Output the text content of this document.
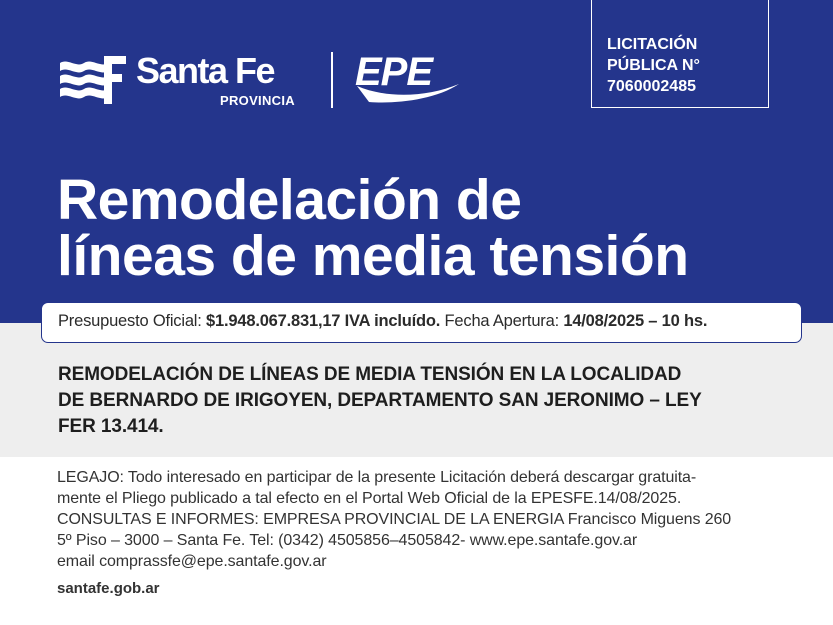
Santa Fe
PROVINCIA
EPE
LICITACIÓN
PÚBLICA N°
7060002485
Remodelación de
líneas de media tensión
Presupuesto Oficial: $1.948.067.831,17 IVA incluído. Fecha Apertura: 14/08/2025 – 10 hs.
REMODELACIÓN DE LÍNEAS DE MEDIA TENSIÓN EN LA LOCALIDAD
DE BERNARDO DE IRIGOYEN, DEPARTAMENTO SAN JERONIMO – LEY
FER 13.414.
LEGAJO: Todo interesado en participar de la presente Licitación deberá descargar gratuita-
mente el Pliego publicado a tal efecto en el Portal Web Oficial de la EPESFE.14/08/2025.
CONSULTAS E INFORMES: EMPRESA PROVINCIAL DE LA ENERGIA Francisco Miguens 260
5º Piso – 3000 – Santa Fe. Tel: (0342) 4505856–4505842- www.epe.santafe.gov.ar
email comprassfe@epe.santafe.gov.ar
santafe.gob.ar
